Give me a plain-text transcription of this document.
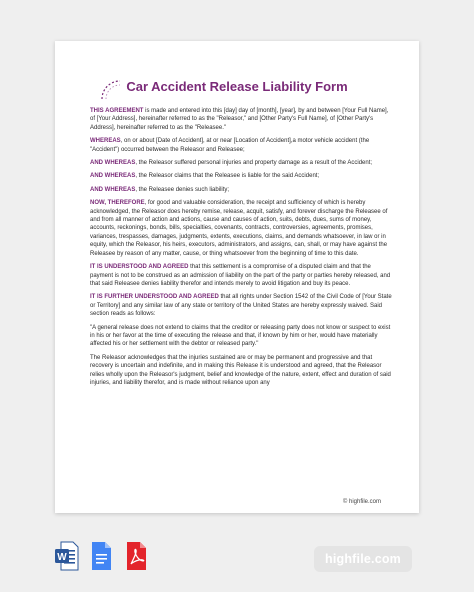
Car Accident Release Liability Form

THIS AGREEMENT is made and entered into this [day] day of [month], [year], by and between [Your Full Name], of [Your Address], hereinafter referred to as the "Releasor," and [Other Party's Full Name], of [Other Party's Address], hereinafter referred to as the "Releasee."

WHEREAS, on or about [Date of Accident], at or near [Location of Accident],a motor vehicle accident (the "Accident") occurred between the Releasor and Releasee;

AND WHEREAS, the Releasor suffered personal injuries and property damage as a result of the Accident;

AND WHEREAS, the Releasor claims that the Releasee is liable for the said Accident;

AND WHEREAS, the Releasee denies such liability;

NOW, THEREFORE, for good and valuable consideration, the receipt and sufficiency of which is hereby acknowledged, the Releasor does hereby remise, release, acquit, satisfy, and forever discharge the Releasee of and from all manner of action and actions, cause and causes of action, suits, debts, dues, sums of money, accounts, reckonings, bonds, bills, specialties, covenants, contracts, controversies, agreements, promises, variances, trespasses, damages, judgments, extents, executions, claims, and demands whatsoever, in law or in equity, which the Releasor, his heirs, executors, administrators, and assigns, can, shall, or may have against the Releasee by reason of any matter, cause, or thing whatsoever from the beginning of time to this date.

IT IS UNDERSTOOD AND AGREED that this settlement is a compromise of a disputed claim and that the payment is not to be construed as an admission of liability on the part of the party or parties hereby released, and that said Releasee denies liability therefor and intends merely to avoid litigation and buy its peace.

IT IS FURTHER UNDERSTOOD AND AGREED that all rights under Section 1542 of the Civil Code of [Your State or Territory] and any similar law of any state or territory of the United States are hereby expressly waived. Said section reads as follows:

"A general release does not extend to claims that the creditor or releasing party does not know or suspect to exist in his or her favor at the time of executing the release and that, if known by him or her, would have materially affected his or her settlement with the debtor or released party."

The Releasor acknowledges that the injuries sustained are or may be permanent and progressive and that recovery is uncertain and indefinite, and in making this Release it is understood and agreed, that the Releasor relies wholly upon the Releasor's judgment, belief and knowledge of the nature, extent, effect and duration of said injuries, and liability therefor, and is made without reliance upon any

© highfile.com
W	highfile.com
